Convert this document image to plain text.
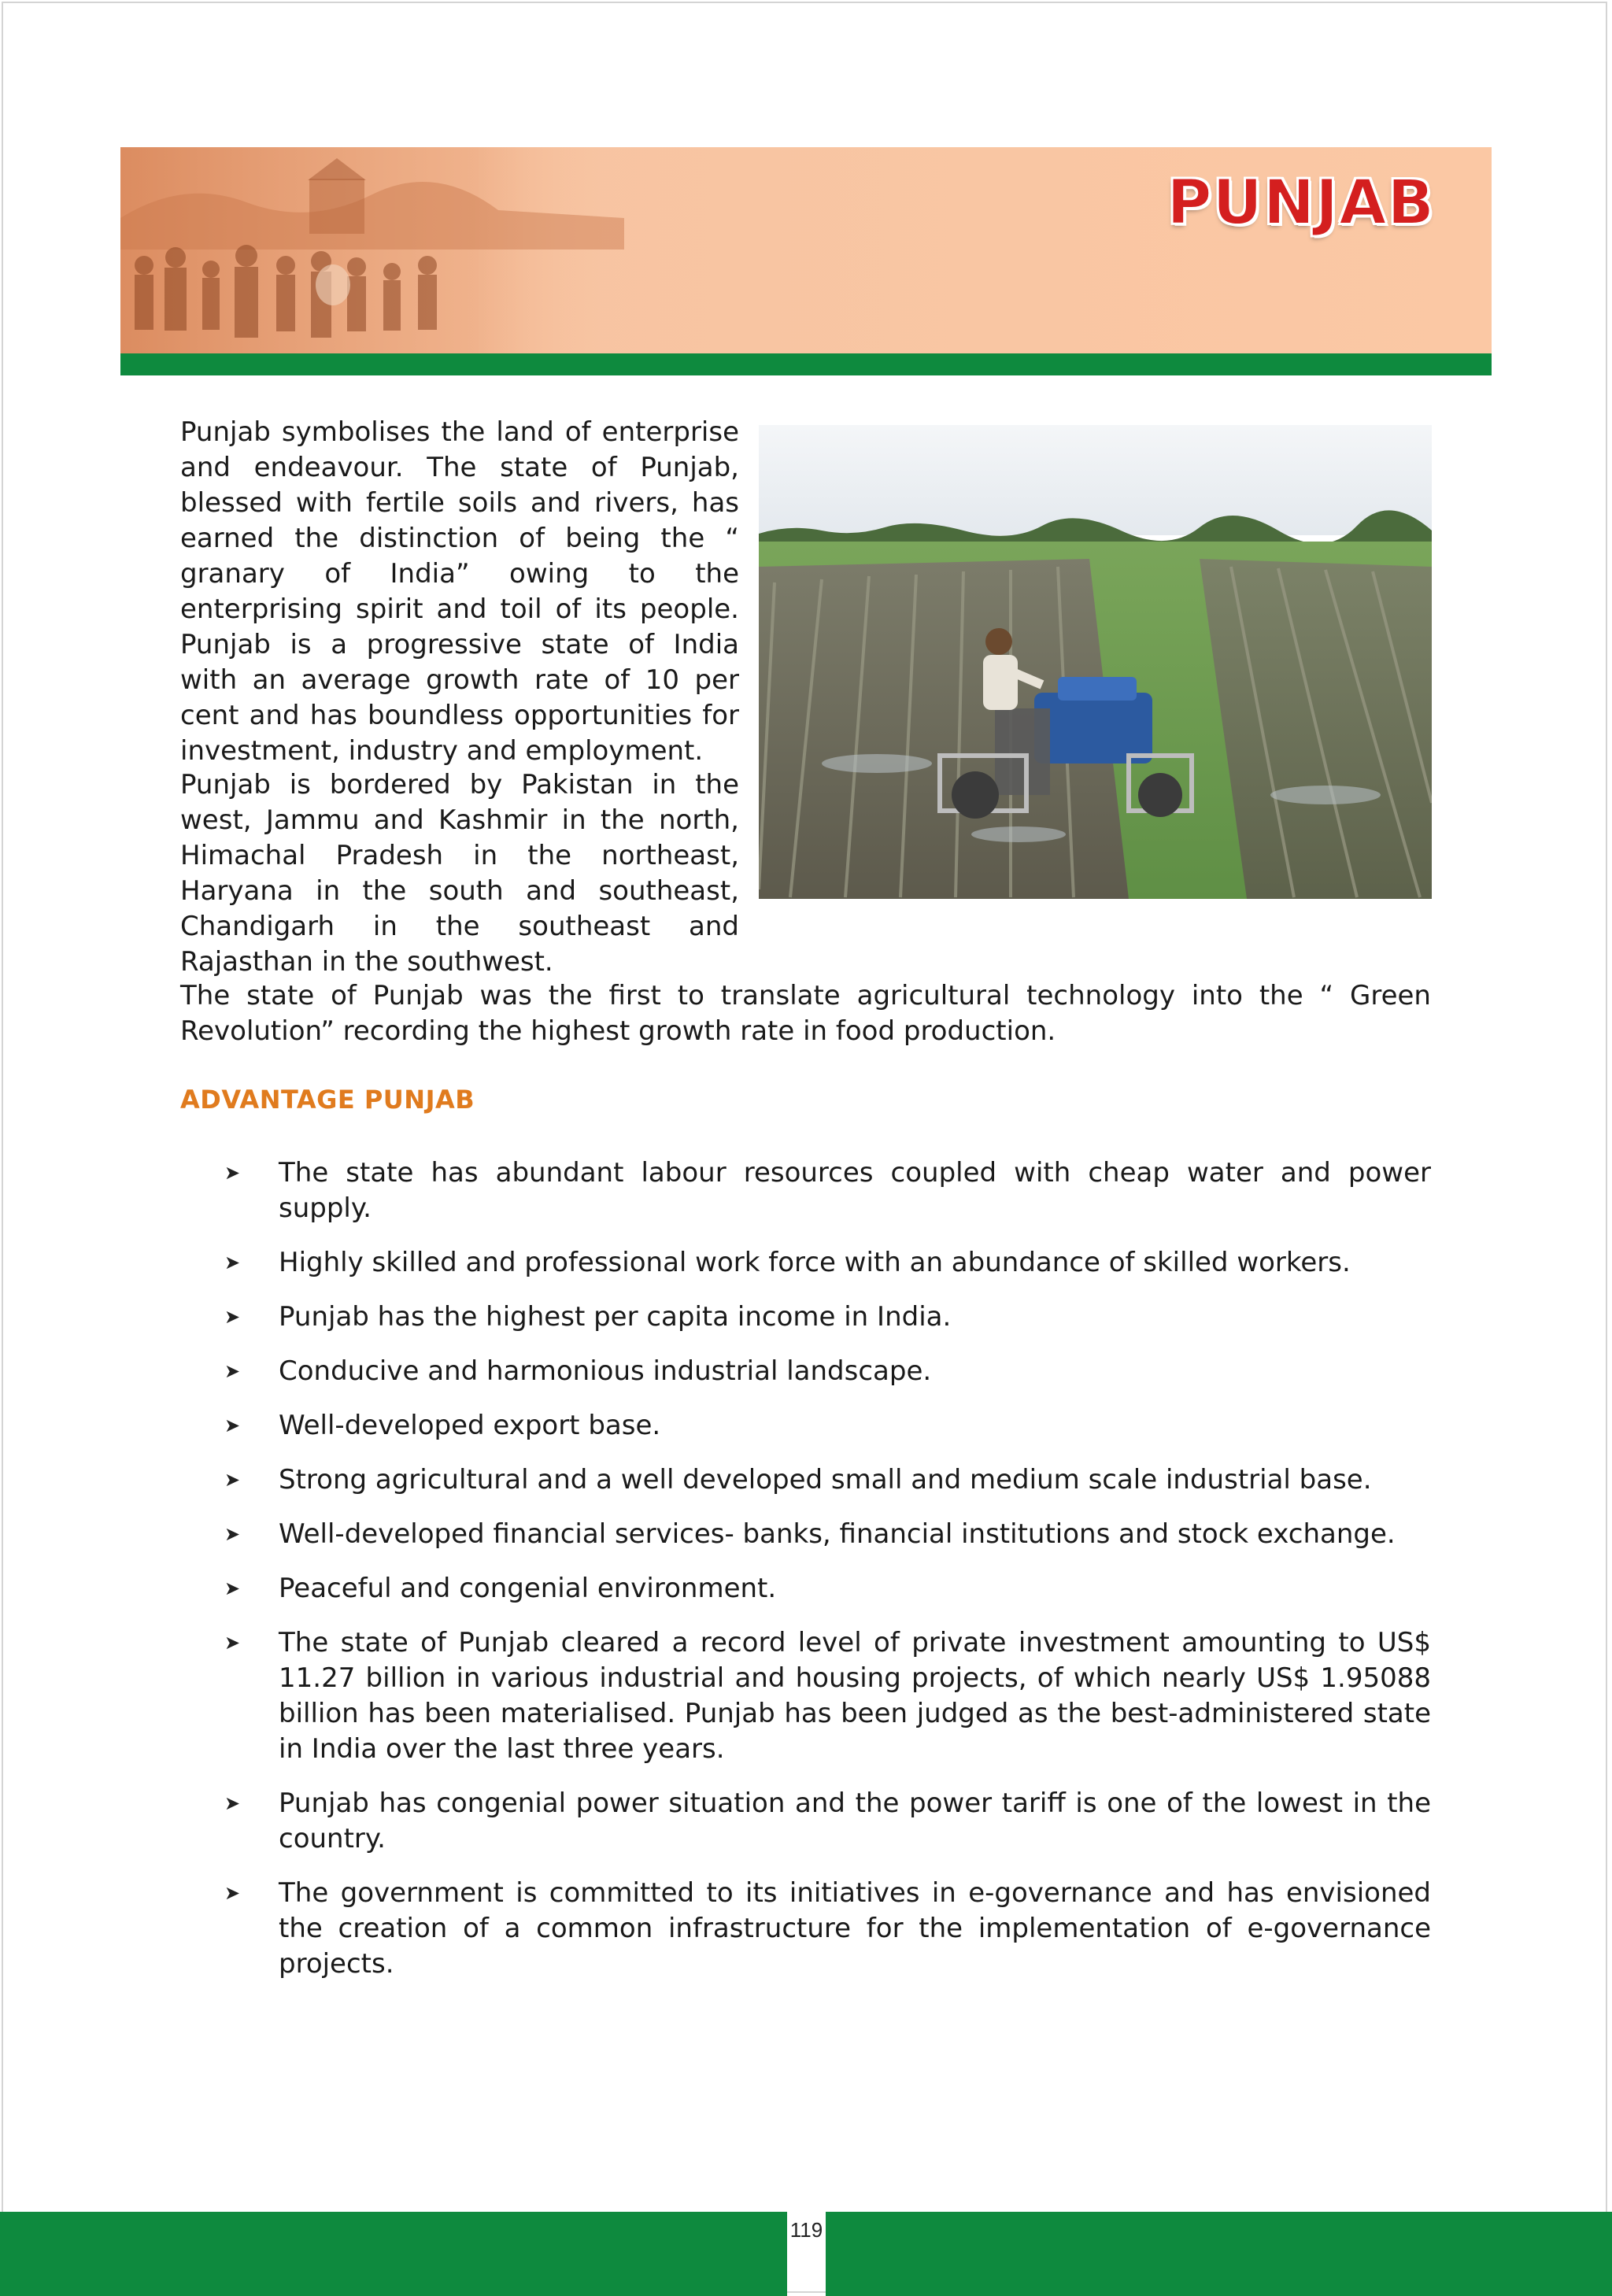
PUNJAB

Punjab symbolises the land of enterprise and endeavour. The state of Punjab, blessed with fertile soils and rivers, has earned the distinction of being the “ granary of India” owing to the enterprising spirit and toil of its people. Punjab is a progressive state of India with an average growth rate of 10 per cent and has boundless opportunities for investment, industry and employment.

Punjab is bordered by Pakistan in the west, Jammu and Kashmir in the north, Himachal Pradesh in the northeast, Haryana in the south and southeast, Chandigarh in the southeast and Rajasthan in the southwest.

The state of Punjab was the first to translate agricultural technology into the “ Green Revolution” recording the highest growth rate in food production.

ADVANTAGE PUNJAB
➤ The state has abundant labour resources coupled with cheap water and power supply.
➤ Highly skilled and professional work force with an abundance of skilled workers.
➤ Punjab has the highest per capita income in India.
➤ Conducive and harmonious industrial landscape.
➤ Well-developed export base.
➤ Strong agricultural and a well developed small and medium scale industrial base.
➤ Well-developed financial services- banks, financial institutions and stock exchange.
➤ Peaceful and congenial environment.
➤ The state of Punjab cleared a record level of private investment amounting to US$ 11.27 billion in various industrial and housing projects, of which nearly US$ 1.95088 billion has been materialised. Punjab has been judged as the best-administered state in India over the last three years.
➤ Punjab has congenial power situation and the power tariff is one of the lowest in the country.
➤ The government is committed to its initiatives in e-governance and has envisioned the creation of a common infrastructure for the implementation of e-governance projects.
119
